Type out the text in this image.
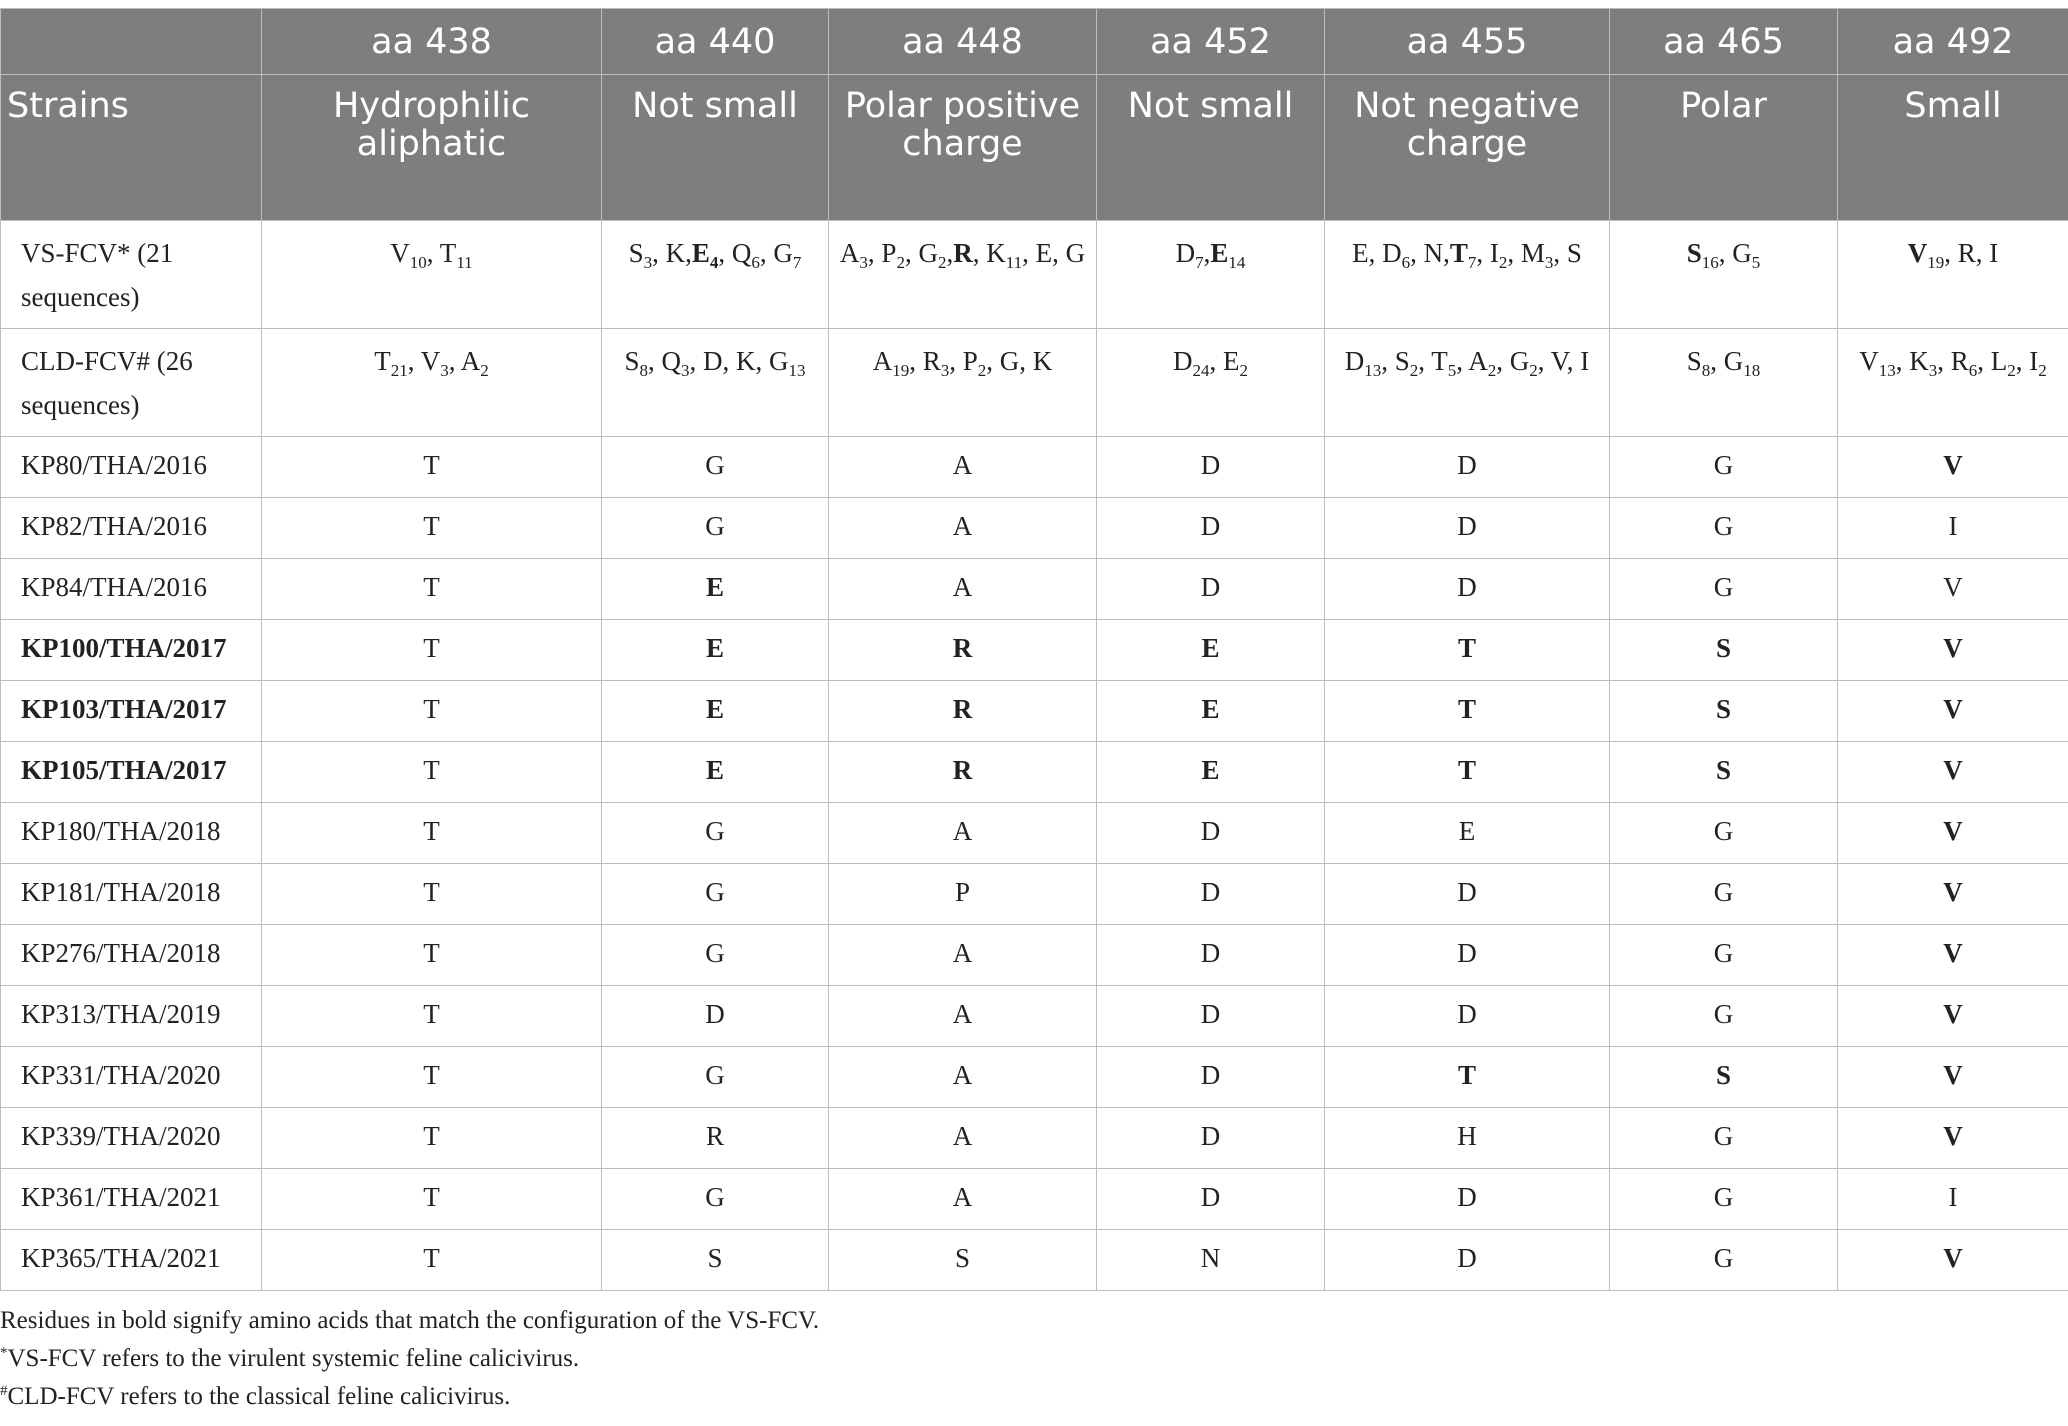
	aa 438	aa 440	aa 448	aa 452	aa 455	aa 465	aa 492
Strains	Hydrophilic aliphatic	Not small	Polar positive charge	Not small	Not negative charge	Polar	Small
VS-FCV* (21 sequences)	$V_{10}$, $T_{11}$	$S_3$, $K,E_4$, $Q_6$, $G_7$	$A_3$, $P_2$, $G_2,R$, $K_{11}$, E, G	$D_7,E_{14}$	E, $D_6$, $N,T_7$, $I_2$, $M_3$, S	$S_{16}$, $G_5$	$V_{19}$, R, I
CLD-FCV# (26 sequences)	$T_{21}$, $V_3$, $A_2$	$S_8$, $Q_3$, D, K, $G_{13}$	$A_{19}$, $R_3$, $P_2$, G, K	$D_{24}$, $E_2$	$D_{13}$, $S_2$, $T_5$, $A_2$, $G_2$, V, I	$S_8$, $G_{18}$	$V_{13}$, $K_3$, $R_6$, $L_2$, $I_2$
KP80/THA/2016	T	G	A	D	D	G	V
KP82/THA/2016	T	G	A	D	D	G	I
KP84/THA/2016	T	E	A	D	D	G	V
KP100/THA/2017	T	E	R	E	T	S	V
KP103/THA/2017	T	E	R	E	T	S	V
KP105/THA/2017	T	E	R	E	T	S	V
KP180/THA/2018	T	G	A	D	E	G	V
KP181/THA/2018	T	G	P	D	D	G	V
KP276/THA/2018	T	G	A	D	D	G	V
KP313/THA/2019	T	D	A	D	D	G	V
KP331/THA/2020	T	G	A	D	T	S	V
KP339/THA/2020	T	R	A	D	H	G	V
KP361/THA/2021	T	G	A	D	D	G	I
KP365/THA/2021	T	S	S	N	D	G	V
Residues in bold signify amino acids that match the configuration of the VS-FCV.
*VS-FCV refers to the virulent systemic feline calicivirus.
#CLD-FCV refers to the classical feline calicivirus.
